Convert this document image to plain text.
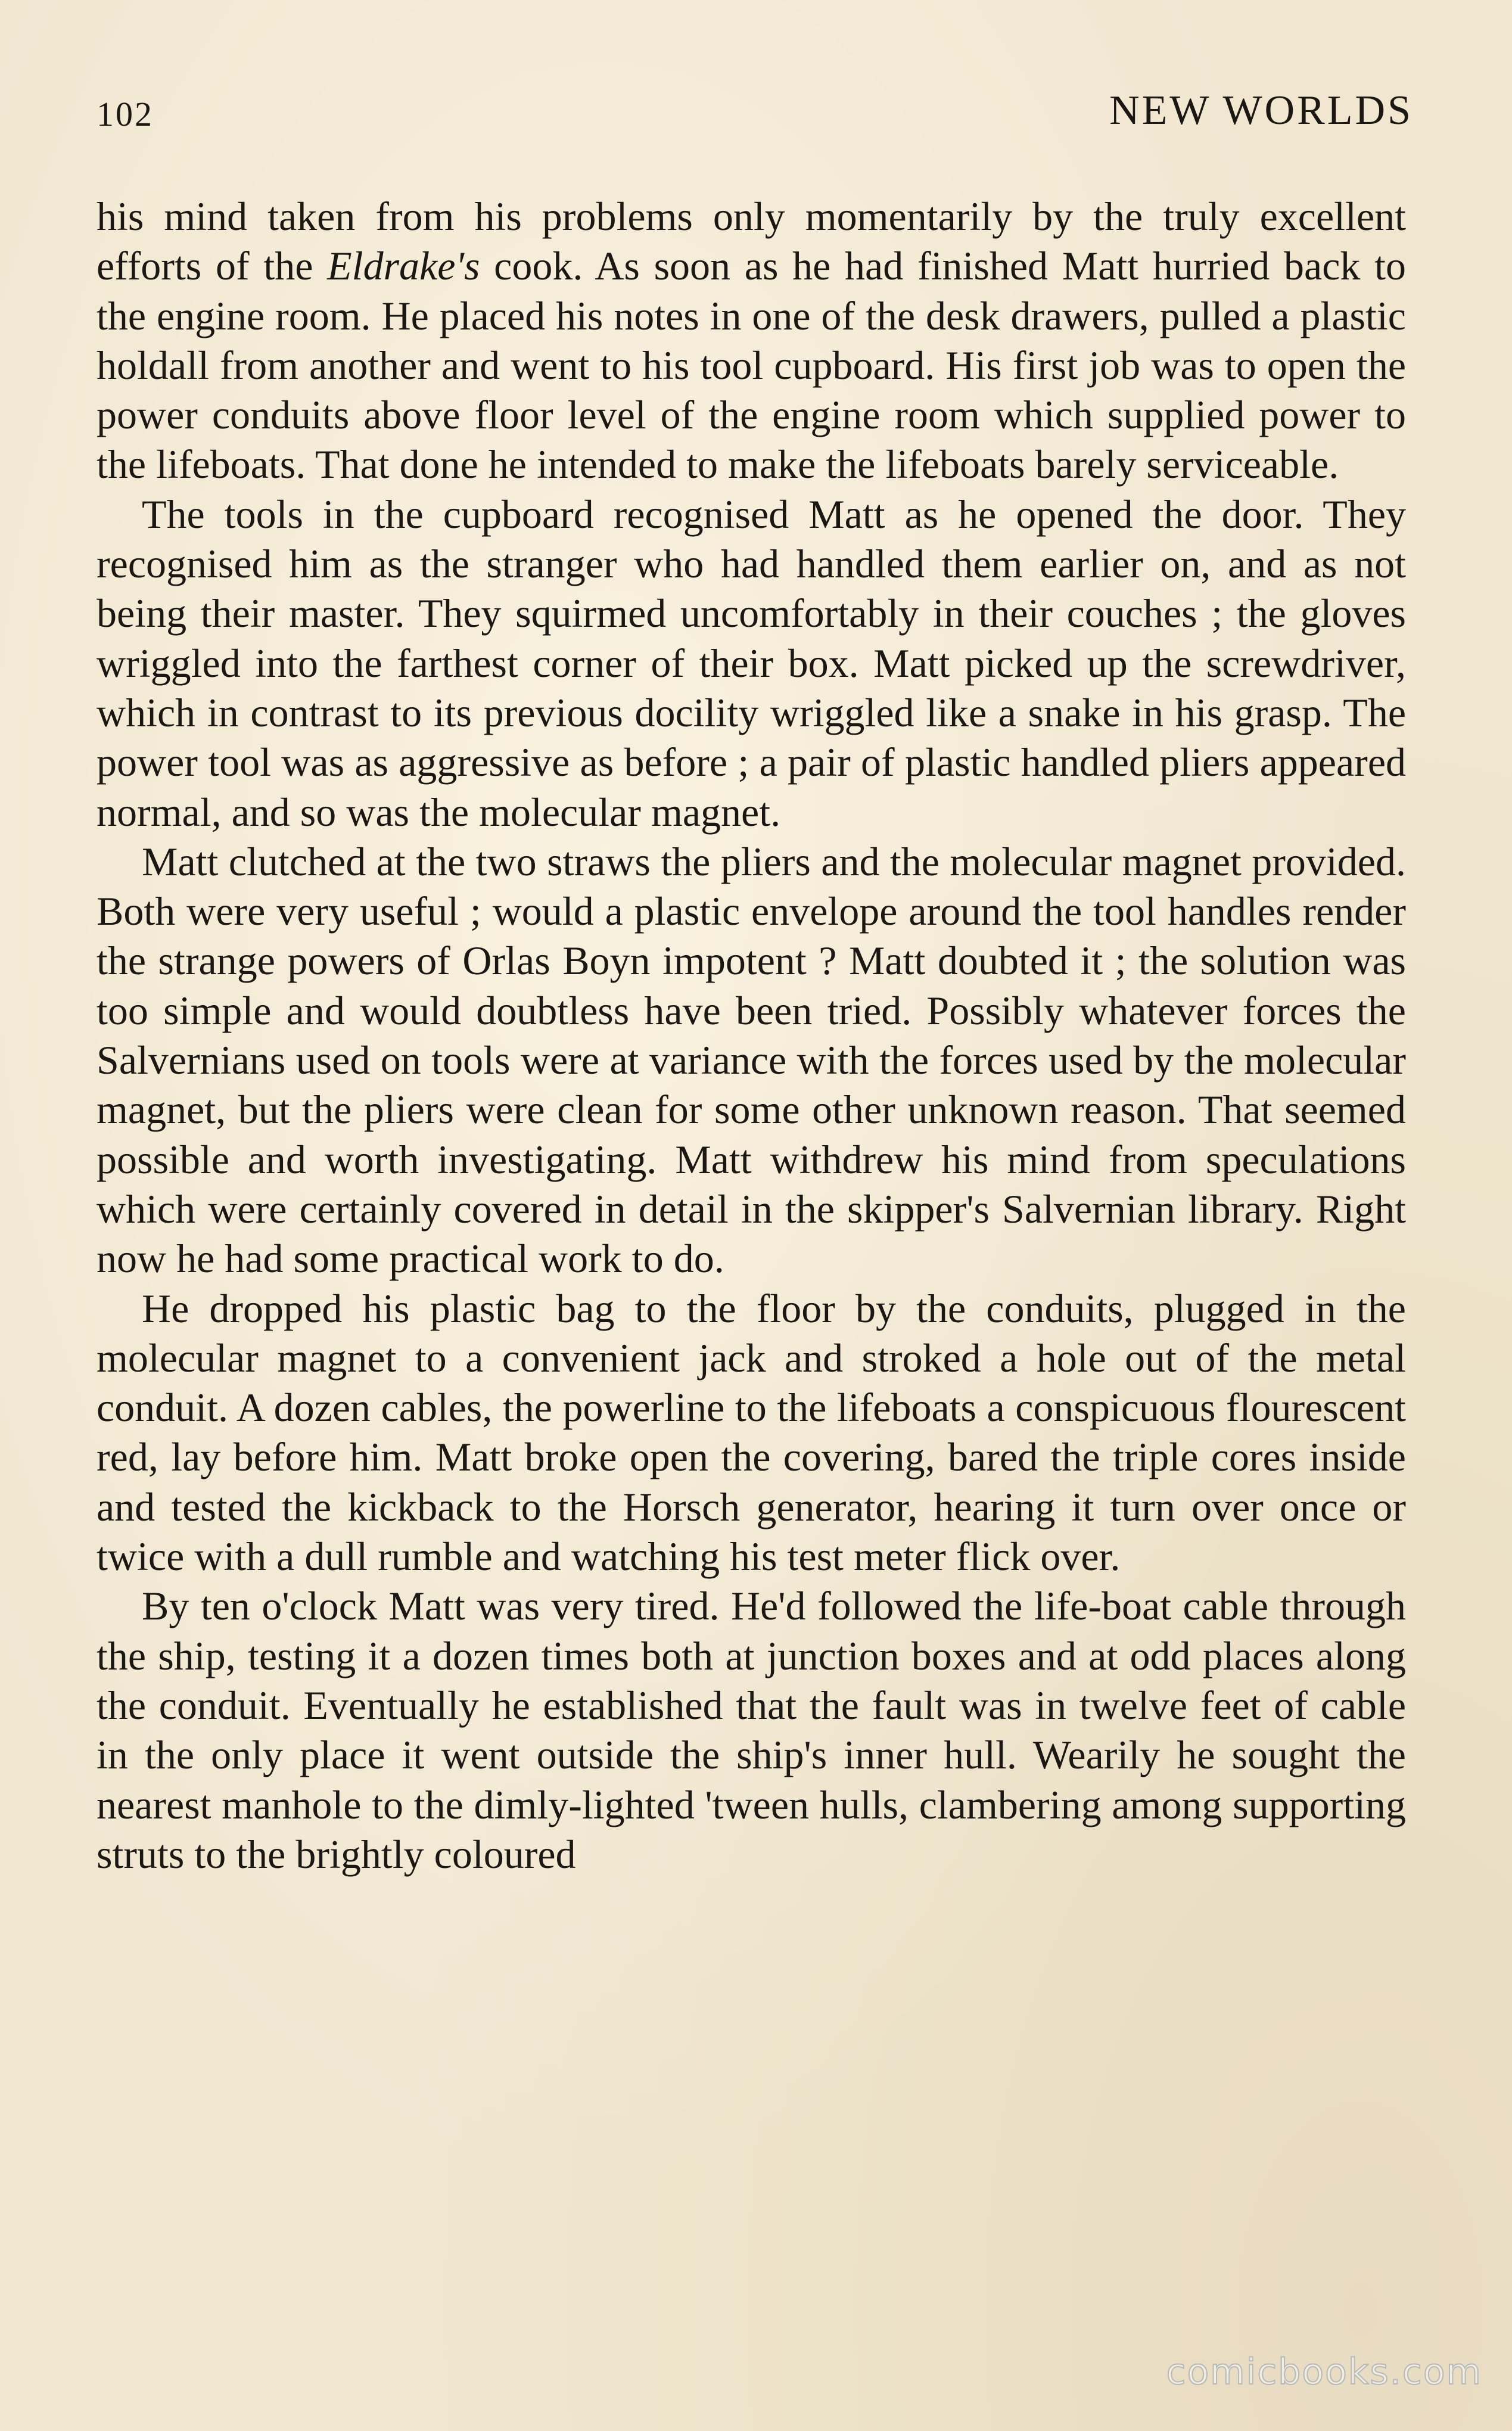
102	NEW WORLDS

his mind taken from his problems only momentarily by the truly excellent efforts of the Eldrake's cook. As soon as he had finished Matt hurried back to the engine room. He placed his notes in one of the desk drawers, pulled a plastic holdall from another and went to his tool cupboard. His first job was to open the power conduits above floor level of the engine room which supplied power to the lifeboats. That done he intended to make the lifeboats barely serviceable.

The tools in the cupboard recognised Matt as he opened the door. They recognised him as the stranger who had handled them earlier on, and as not being their master. They squirmed uncomfortably in their couches ; the gloves wriggled into the farthest corner of their box. Matt picked up the screwdriver, which in contrast to its previous docility wriggled like a snake in his grasp. The power tool was as aggressive as before ; a pair of plastic handled pliers appeared normal, and so was the molecular magnet.

Matt clutched at the two straws the pliers and the molecular magnet provided. Both were very useful ; would a plastic envelope around the tool handles render the strange powers of Orlas Boyn impotent ? Matt doubted it ; the solution was too simple and would doubtless have been tried. Possibly whatever forces the Salvernians used on tools were at variance with the forces used by the molecular magnet, but the pliers were clean for some other unknown reason. That seemed possible and worth investigating. Matt withdrew his mind from speculations which were certainly covered in detail in the skipper's Salvernian library. Right now he had some practical work to do.

He dropped his plastic bag to the floor by the conduits, plugged in the molecular magnet to a convenient jack and stroked a hole out of the metal conduit. A dozen cables, the powerline to the lifeboats a conspicuous flourescent red, lay before him. Matt broke open the covering, bared the triple cores inside and tested the kickback to the Horsch generator, hearing it turn over once or twice with a dull rumble and watching his test meter flick over.

By ten o'clock Matt was very tired. He'd followed the life-boat cable through the ship, testing it a dozen times both at junction boxes and at odd places along the conduit. Eventually he established that the fault was in twelve feet of cable in the only place it went outside the ship's inner hull. Wearily he sought the nearest manhole to the dimly-lighted 'tween hulls, clambering among supporting struts to the brightly coloured

comicbooks.com
